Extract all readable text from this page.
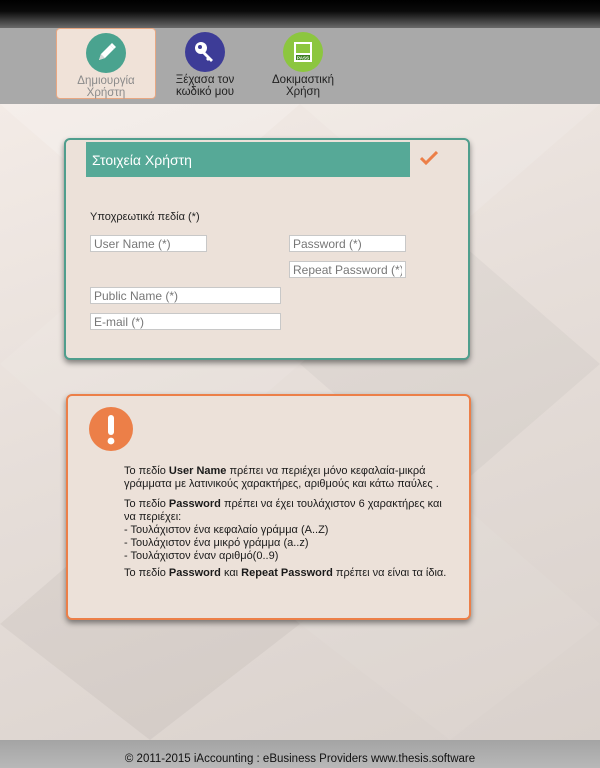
Δημιουργία Χρήστη
Ξέχασα τον κωδικό μου
PASS
Δοκιμαστική Χρήση
Στοιχεία Χρήστη
Υποχρεωτικά πεδία (*)
User Name (*)
Password (*)
Repeat Password (*)
Public Name (*)
E-mail (*)

Το πεδίο User Name πρέπει να περιέχει μόνο κεφαλαία-μικρά γράμματα με λατινικούς χαρακτήρες, αριθμούς και κάτω παύλες .

Το πεδίο Password πρέπει να έχει τουλάχιστον 6 χαρακτήρες και να περιέχει:
- Τουλάχιστον ένα κεφαλαίο γράμμα (A..Z)
- Τουλάχιστον ένα μικρό γράμμα (a..z)
- Τουλάχιστον έναν αριθμό(0..9)

Το πεδίο Password και Repeat Password πρέπει να είναι τα ίδια.

© 2011-2015 iAccounting : eBusiness Providers www.thesis.software
